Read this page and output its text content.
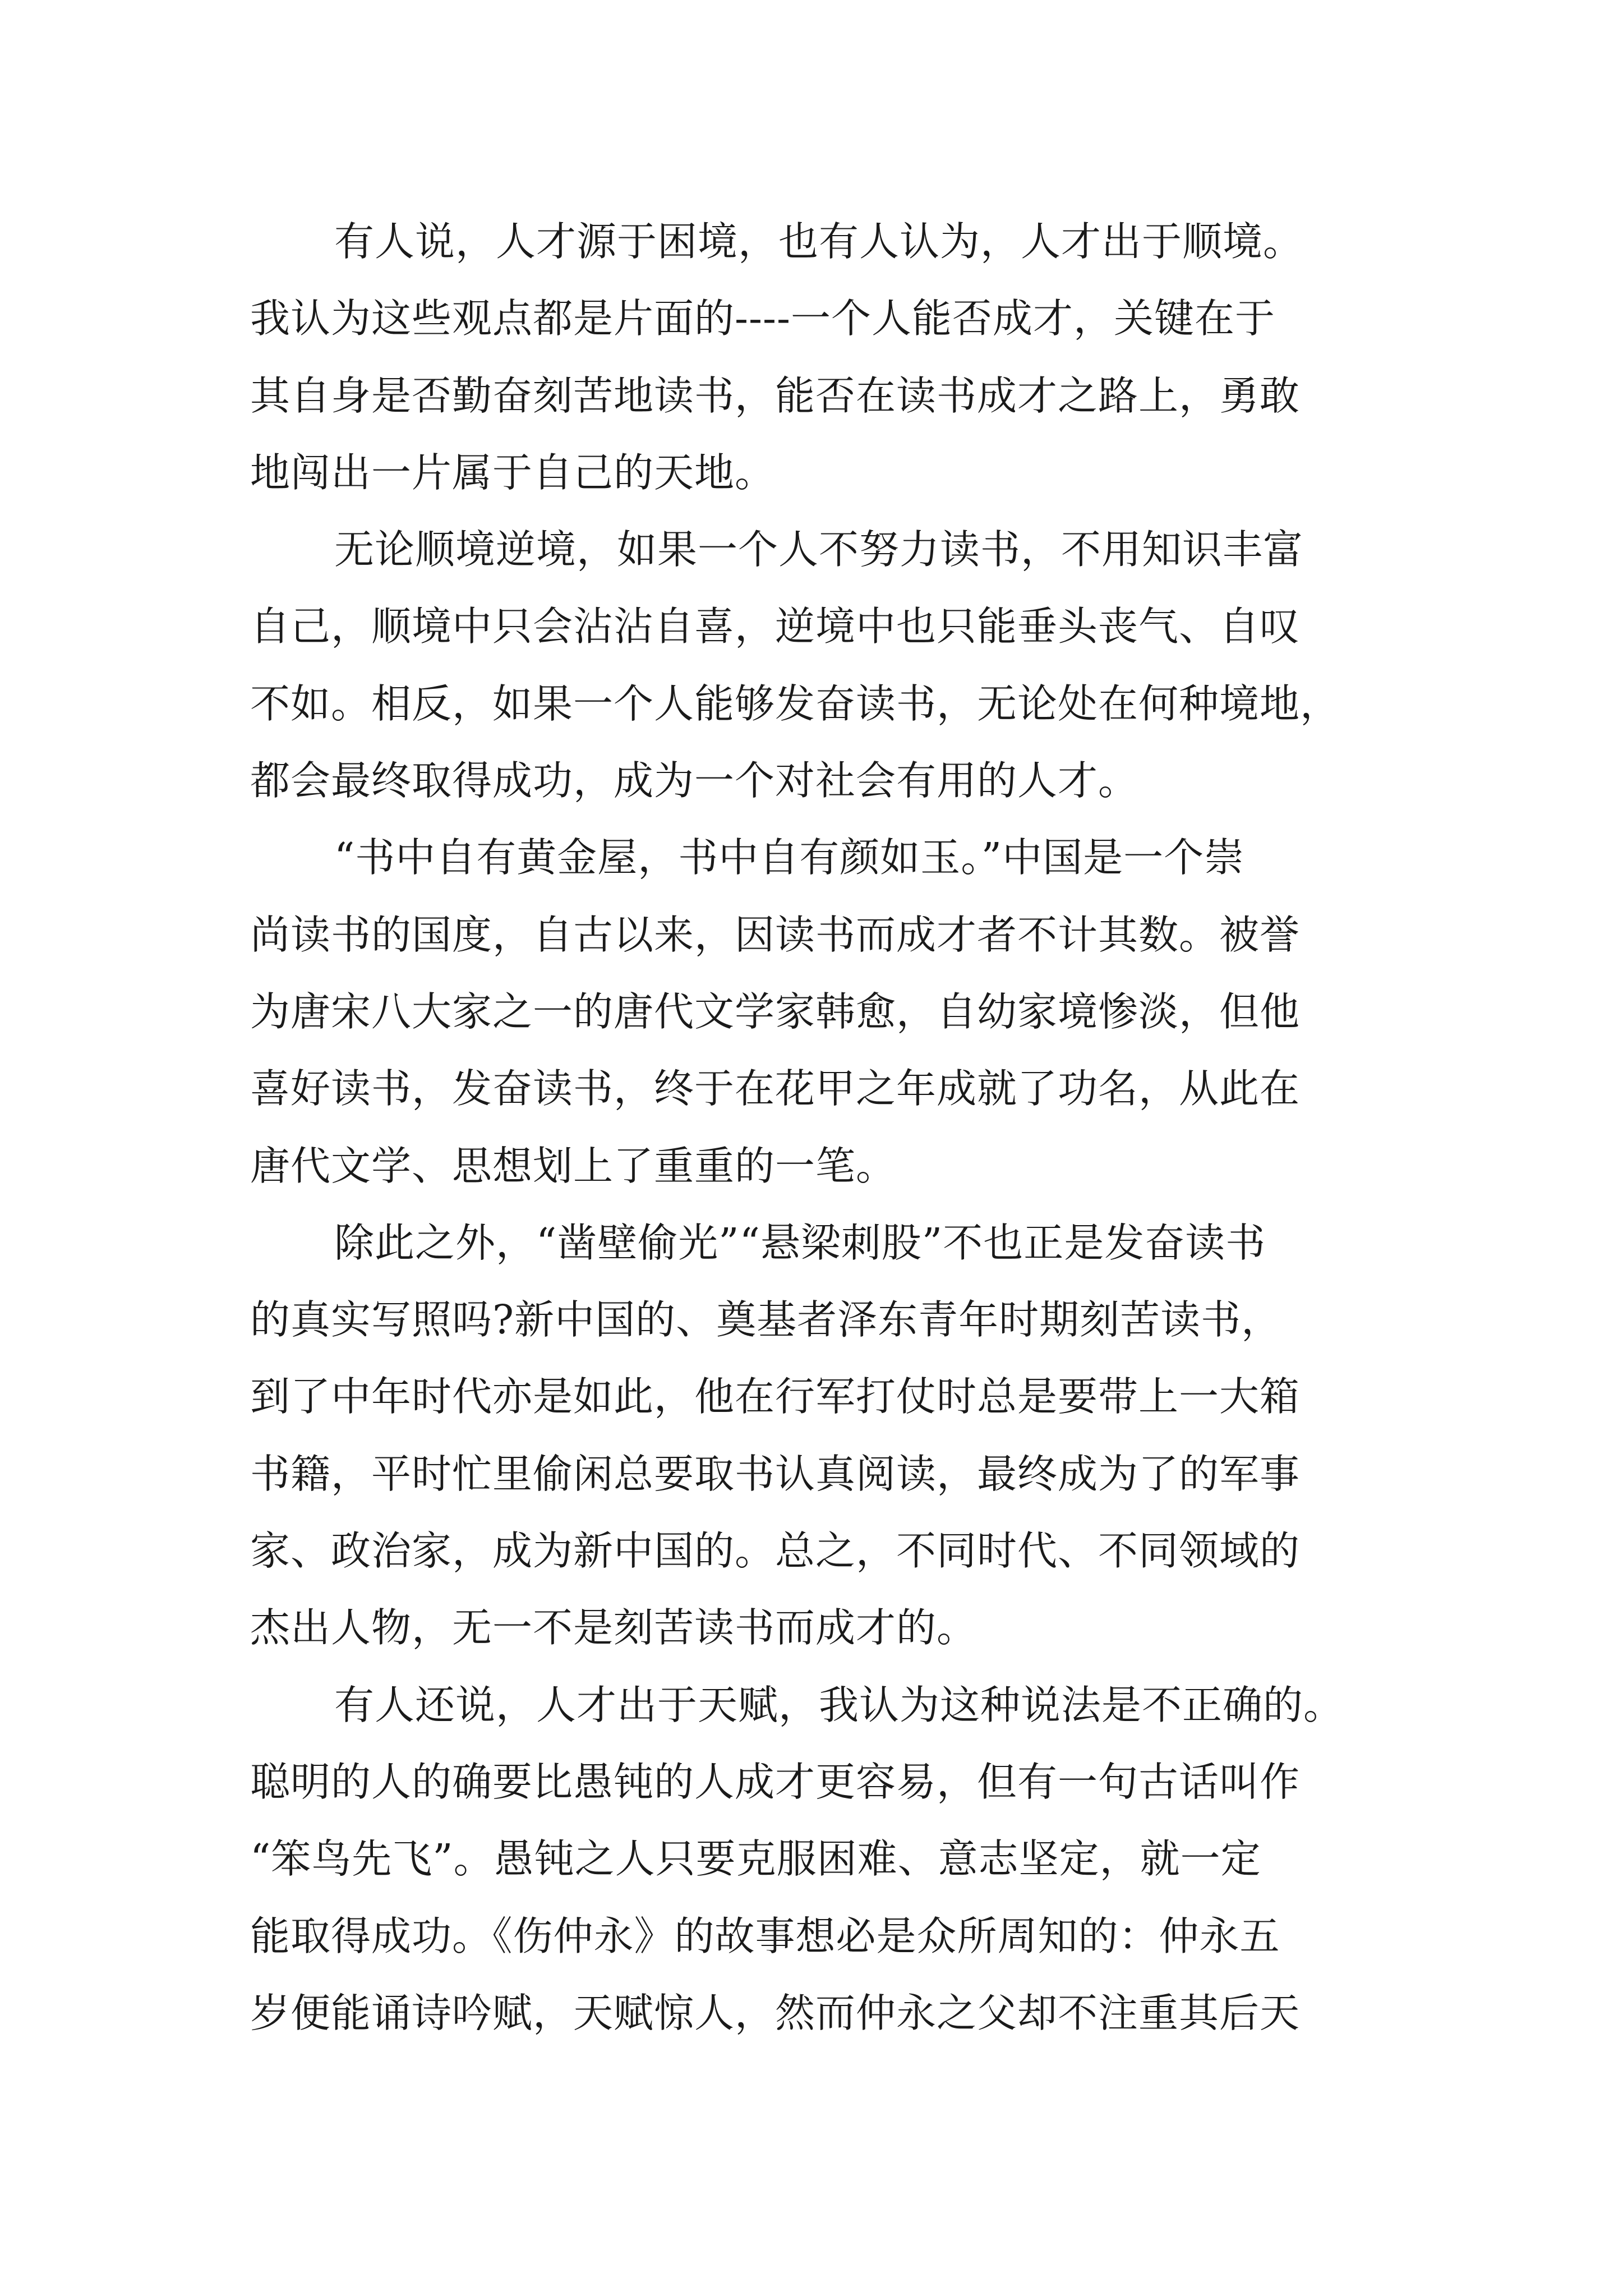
有人说，人才源于困境，也有人认为，人才出于顺境。
我认为这些观点都是片面的----一个人能否成才，关键在于
其自身是否勤奋刻苦地读书，能否在读书成才之路上，勇敢
地闯出一片属于自己的天地。
无论顺境逆境，如果一个人不努力读书，不用知识丰富
自己，顺境中只会沾沾自喜，逆境中也只能垂头丧气、自叹
不如。相反，如果一个人能够发奋读书，无论处在何种境地，
都会最终取得成功，成为一个对社会有用的人才。
“书中自有黄金屋，书中自有颜如玉。”中国是一个崇
尚读书的国度，自古以来，因读书而成才者不计其数。被誉
为唐宋八大家之一的唐代文学家韩愈，自幼家境惨淡，但他
喜好读书，发奋读书，终于在花甲之年成就了功名，从此在
唐代文学、思想划上了重重的一笔。
除此之外，“凿壁偷光”“悬梁刺股”不也正是发奋读书
的真实写照吗?新中国的、奠基者泽东青年时期刻苦读书，
到了中年时代亦是如此，他在行军打仗时总是要带上一大箱
书籍，平时忙里偷闲总要取书认真阅读，最终成为了的军事
家、政治家，成为新中国的。总之，不同时代、不同领域的
杰出人物，无一不是刻苦读书而成才的。
有人还说，人才出于天赋，我认为这种说法是不正确的。
聪明的人的确要比愚钝的人成才更容易，但有一句古话叫作
“笨鸟先飞”。愚钝之人只要克服困难、意志坚定，就一定
能取得成功。《伤仲永》的故事想必是众所周知的：仲永五
岁便能诵诗吟赋，天赋惊人，然而仲永之父却不注重其后天
